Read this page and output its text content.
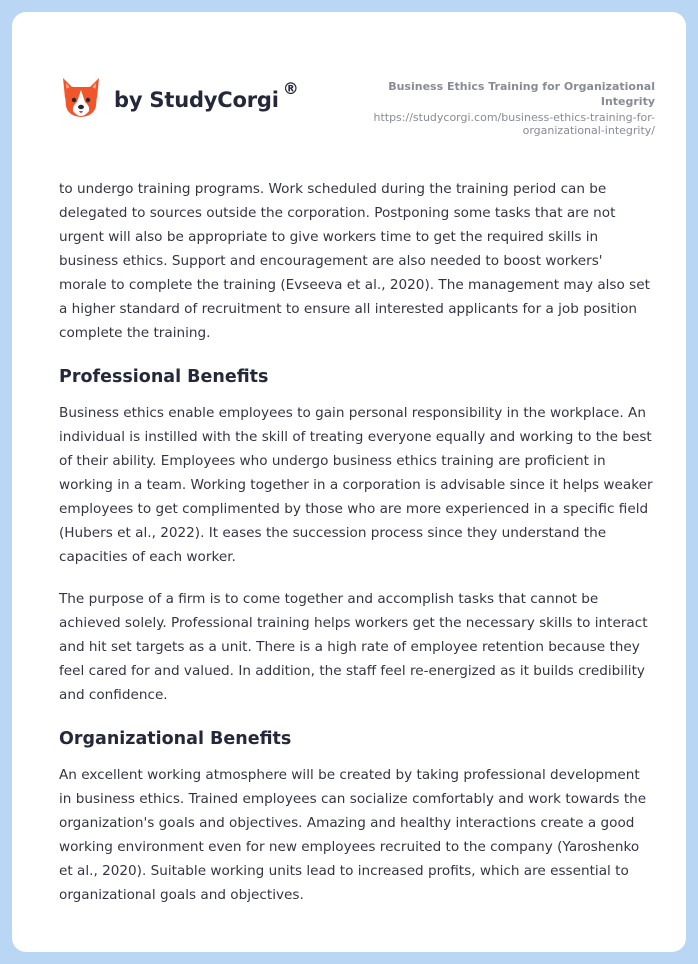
by StudyCorgi ®	Business Ethics Training for Organizational Integrity
https://studycorgi.com/business-ethics-training-for-
organizational-integrity/

to undergo training programs. Work scheduled during the training period can be delegated to sources outside the corporation. Postponing some tasks that are not urgent will also be appropriate to give workers time to get the required skills in business ethics. Support and encouragement are also needed to boost workers' morale to complete the training (Evseeva et al., 2020). The management may also set a higher standard of recruitment to ensure all interested applicants for a job position complete the training.

Professional Benefits

Business ethics enable employees to gain personal responsibility in the workplace. An individual is instilled with the skill of treating everyone equally and working to the best of their ability. Employees who undergo business ethics training are proficient in working in a team. Working together in a corporation is advisable since it helps weaker employees to get complimented by those who are more experienced in a specific field (Hubers et al., 2022). It eases the succession process since they understand the capacities of each worker.

The purpose of a firm is to come together and accomplish tasks that cannot be achieved solely. Professional training helps workers get the necessary skills to interact and hit set targets as a unit. There is a high rate of employee retention because they feel cared for and valued. In addition, the staff feel re-energized as it builds credibility and confidence.

Organizational Benefits

An excellent working atmosphere will be created by taking professional development in business ethics. Trained employees can socialize comfortably and work towards the organization's goals and objectives. Amazing and healthy interactions create a good working environment even for new employees recruited to the company (Yaroshenko et al., 2020). Suitable working units lead to increased profits, which are essential to organizational goals and objectives.
